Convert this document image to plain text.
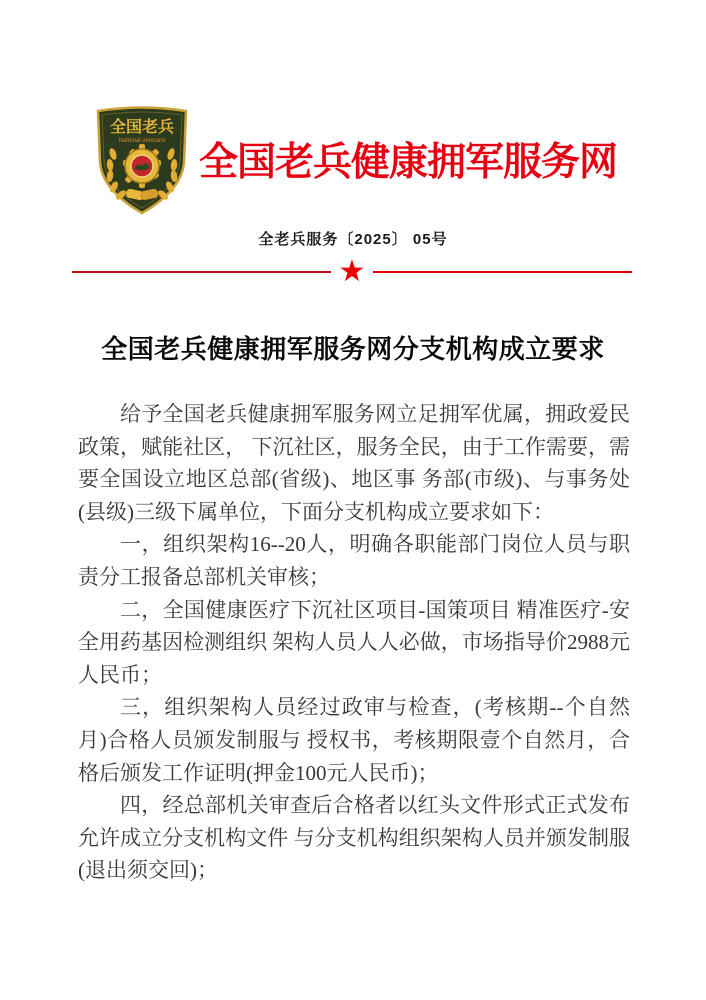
全国老兵
National veterans 全国老兵健康拥军服务网
全老兵服务〔2025〕 05号
★
全国老兵健康拥军服务网分支机构成立要求

给予全国老兵健康拥军服务网立足拥军优属，拥政爱民政策，赋能社区， 下沉社区，服务全民，由于工作需要，需要全国设立地区总部(省级)、地区事 务部(市级)、与事务处(县级)三级下属单位，下面分支机构成立要求如下：

一，组织架构16--20人，明确各职能部门岗位人员与职责分工报备总部机关审核；

二，全国健康医疗下沉社区项目-国策项目 精准医疗-安全用药基因检测组织 架构人员人人必做，市场指导价2988元人民币；

三，组织架构人员经过政审与检查，(考核期--个自然月)合格人员颁发制服与 授权书，考核期限壹个自然月，合格后颁发工作证明(押金100元人民币)；

四，经总部机关审查后合格者以红头文件形式正式发布允许成立分支机构文件 与分支机构组织架构人员并颁发制服(退出须交回)；
